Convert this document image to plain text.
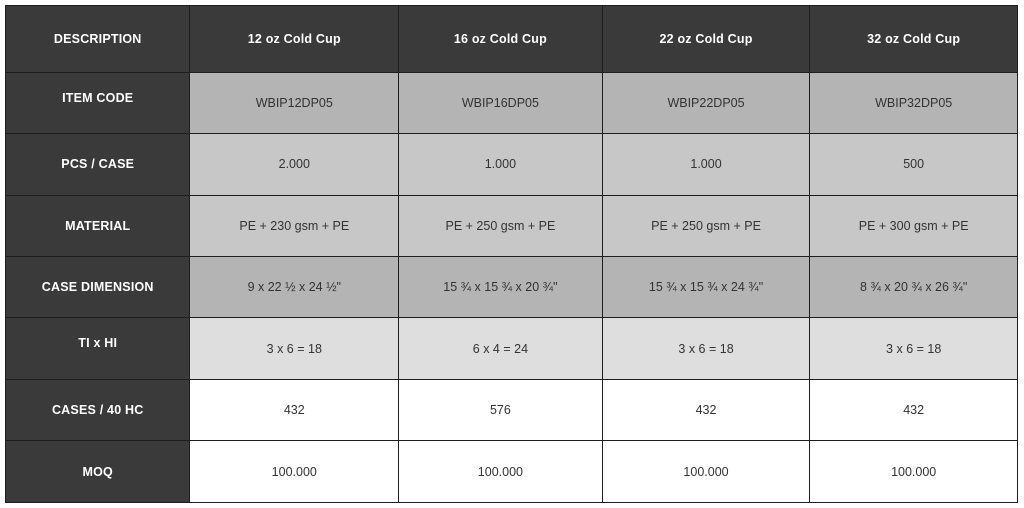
DESCRIPTION	12 oz Cold Cup	16 oz Cold Cup	22 oz Cold Cup	32 oz Cold Cup

ITEM CODE	WBIP12DP05	WBIP16DP05	WBIP22DP05	WBIP32DP05
PCS / CASE	2.000	1.000	1.000	500
MATERIAL	PE + 230 gsm + PE	PE + 250 gsm + PE	PE + 250 gsm + PE	PE + 300 gsm + PE
CASE DIMENSION	9 x 22 ½ x 24 ½"	15 ¾ x 15 ¾ x 20 ¾"	15 ¾ x 15 ¾ x 24 ¾"	8 ¾ x 20 ¾ x 26 ¾"

TI x HI	3 x 6 = 18	6 x 4 = 24	3 x 6 = 18	3 x 6 = 18
CASES / 40 HC	432	576	432	432
MOQ	100.000	100.000	100.000	100.000
